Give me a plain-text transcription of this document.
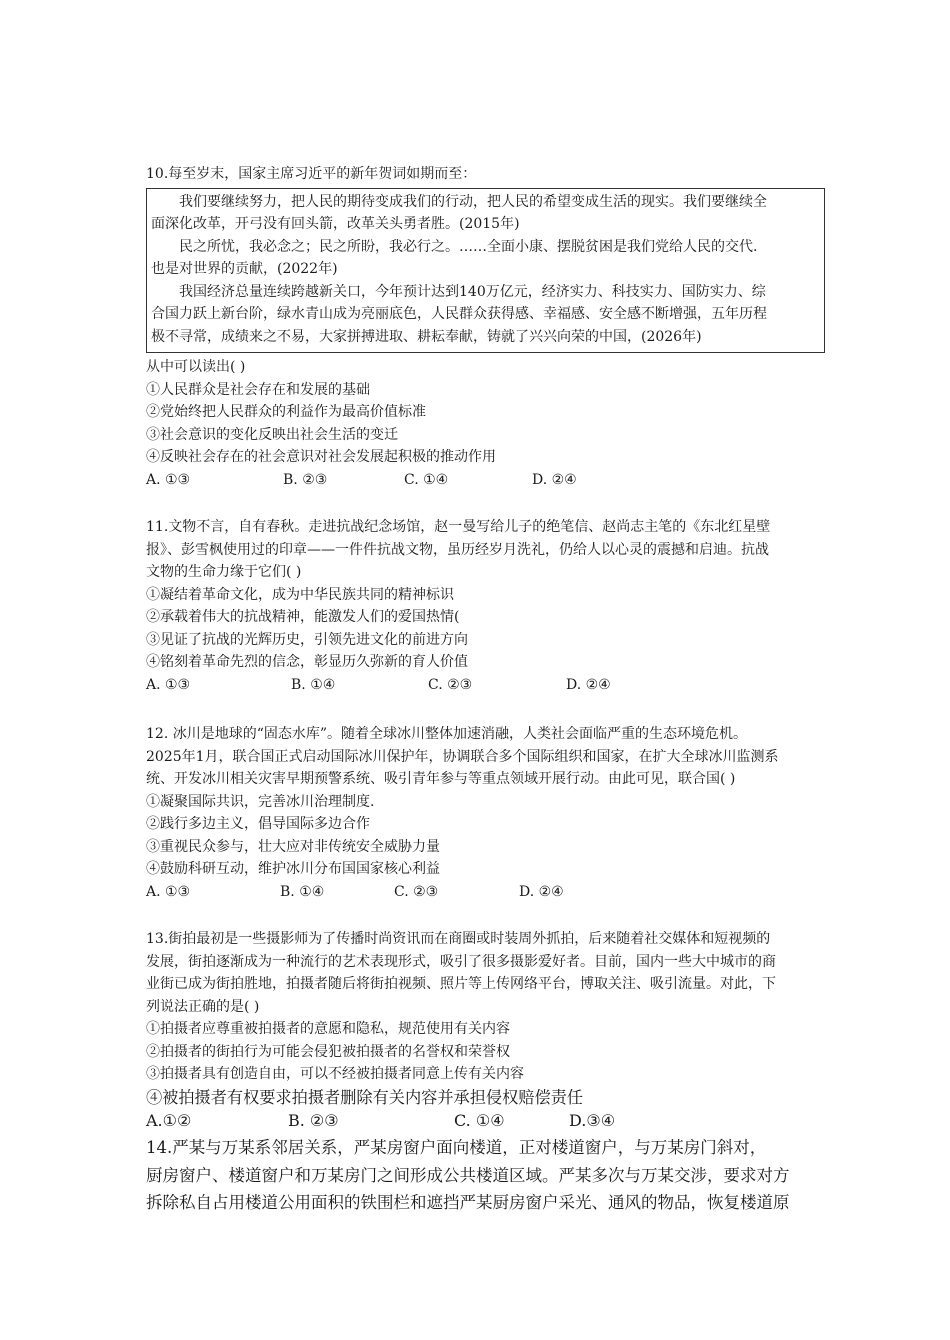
10.每至岁末，国家主席习近平的新年贺词如期而至：

我们要继续努力，把人民的期待变成我们的行动，把人民的希望变成生活的现实。我们要继续全

面深化改革，开弓没有回头箭，改革关头勇者胜。(2015年)

民之所忧，我必念之；民之所盼，我必行之。……全面小康、摆脱贫困是我们党给人民的交代.

也是对世界的贡献，(2022年)

我国经济总量连续跨越新关口，今年预计达到140万亿元，经济实力、科技实力、国防实力、综

合国力跃上新台阶，绿水青山成为亮丽底色，人民群众获得感、幸福感、安全感不断增强，五年历程

极不寻常，成绩来之不易，大家拼搏进取、耕耘奉献，铸就了兴兴向荣的中国，(2026年)

从中可以读出( )

①人民群众是社会存在和发展的基础

②党始终把人民群众的利益作为最高价值标准

③社会意识的变化反映出社会生活的变迁

④反映社会存在的社会意识对社会发展起积极的推动作用

A. ①③	B. ②③	C. ①④	D. ②④

11.文物不言，自有春秋。走进抗战纪念场馆，赵一曼写给儿子的绝笔信、赵尚志主笔的《东北红星壁

报》、彭雪枫使用过的印章——一件件抗战文物，虽历经岁月洗礼，仍给人以心灵的震撼和启迪。抗战

文物的生命力缘于它们( )

①凝结着革命文化，成为中华民族共同的精神标识

②承载着伟大的抗战精神，能激发人们的爱国热情(

③见证了抗战的光辉历史，引领先进文化的前进方向

④铭刻着革命先烈的信念，彰显历久弥新的育人价值

A. ①③	B. ①④	C. ②③	D. ②④

12. 冰川是地球的“固态水库”。随着全球冰川整体加速消融，人类社会面临严重的生态环境危机。

2025年1月，联合国正式启动国际冰川保护年，协调联合多个国际组织和国家，在扩大全球冰川监测系

统、开发冰川相关灾害早期预警系统、吸引青年参与等重点领域开展行动。由此可见，联合国( )

①凝聚国际共识，完善冰川治理制度.

②践行多边主义，倡导国际多边合作

③重视民众参与，壮大应对非传统安全威胁力量

④鼓励科研互动，维护冰川分布国国家核心利益

A. ①③	B. ①④	C. ②③	D. ②④

13.街拍最初是一些摄影师为了传播时尚资讯而在商圈或时装周外抓拍，后来随着社交媒体和短视频的

发展，街拍逐渐成为一种流行的艺术表现形式，吸引了很多摄影爱好者。目前，国内一些大中城市的商

业街已成为街拍胜地，拍摄者随后将街拍视频、照片等上传网络平台，博取关注、吸引流量。对此，下

列说法正确的是( )

①拍摄者应尊重被拍摄者的意愿和隐私，规范使用有关内容

②拍摄者的街拍行为可能会侵犯被拍摄者的名誉权和荣誉权

③拍摄者具有创造自由，可以不经被拍摄者同意上传有关内容

④被拍摄者有权要求拍摄者删除有关内容并承担侵权赔偿责任

A.①②	B. ②③	C. ①④	D.③④

14.严某与万某系邻居关系，严某房窗户面向楼道，正对楼道窗户，与万某房门斜对，

厨房窗户、楼道窗户和万某房门之间形成公共楼道区域。严某多次与万某交涉，要求对方

拆除私自占用楼道公用面积的铁围栏和遮挡严某厨房窗户采光、通风的物品，恢复楼道原
